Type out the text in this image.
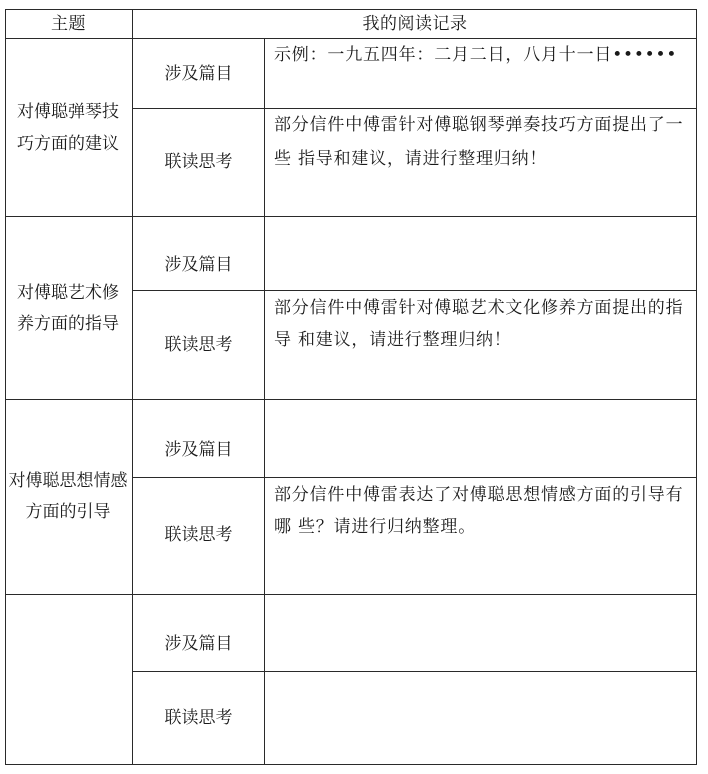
主题	我的阅读记录
对傅聪弹琴技
巧方面的建议
涉及篇目
示例：一九五四年：二月二日，八月十一日••••••
联读思考
部分信件中傅雷针对傅聪钢琴弹奏技巧方面提出了一
些 指导和建议，请进行整理归纳！
对傅聪艺术修
养方面的指导
涉及篇目
联读思考
部分信件中傅雷针对傅聪艺术文化修养方面提出的指
导 和建议，请进行整理归纳！
对傅聪思想情感
方面的引导
涉及篇目
联读思考
部分信件中傅雷表达了对傅聪思想情感方面的引导有
哪 些？请进行归纳整理。
涉及篇目
联读思考
